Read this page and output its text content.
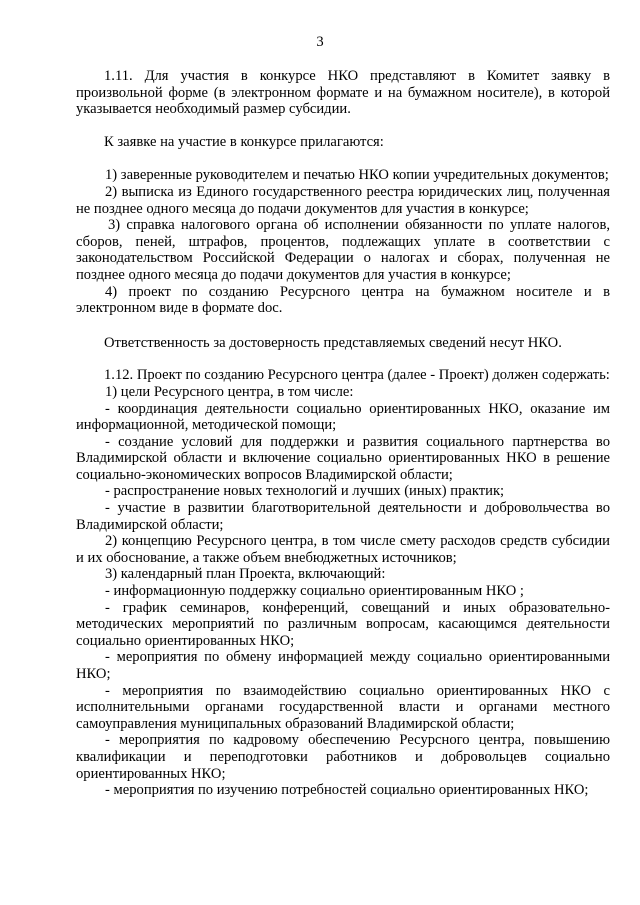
3

1.11. Для участия в конкурсе НКО представляют в Комитет заявку в произвольной форме (в электронном формате и на бумажном носителе), в которой указывается необходимый размер субсидии.

К заявке на участие в конкурсе прилагаются:

1) заверенные руководителем и печатью НКО копии учредительных документов;

2) выписка из Единого государственного реестра юридических лиц, полученная не позднее одного месяца до подачи документов для участия в конкурсе;

3) справка налогового органа об исполнении обязанности по уплате налогов, сборов, пеней, штрафов, процентов, подлежащих уплате в соответствии с законодательством Российской Федерации о налогах и сборах, полученная не позднее одного месяца до подачи документов для участия в конкурсе;

4) проект по созданию Ресурсного центра на бумажном носителе и в электронном виде в формате doc.

Ответственность за достоверность представляемых сведений несут НКО.

1.12. Проект по созданию Ресурсного центра (далее - Проект) должен содержать:

1) цели Ресурсного центра, в том числе:

- координация деятельности социально ориентированных НКО, оказание им информационной, методической помощи;

- создание условий для поддержки и развития социального партнерства во Владимирской области и включение социально ориентированных НКО в решение социально-экономических вопросов Владимирской области;

- распространение новых технологий и лучших (иных) практик;

- участие в развитии благотворительной деятельности и добровольчества во Владимирской области;

2) концепцию Ресурсного центра, в том числе смету расходов средств субсидии и их обоснование, а также объем внебюджетных источников;

3) календарный план Проекта, включающий:

- информационную поддержку социально ориентированным НКО ;

- график семинаров, конференций, совещаний и иных образовательно-методических мероприятий по различным вопросам, касающимся деятельности социально ориентированных НКО;

- мероприятия по обмену информацией между социально ориентированными НКО;

- мероприятия по взаимодействию социально ориентированных НКО с исполнительными органами государственной власти и органами местного самоуправления муниципальных образований Владимирской области;

- мероприятия по кадровому обеспечению Ресурсного центра, повышению квалификации и переподготовки работников и добровольцев социально ориентированных НКО;

- мероприятия по изучению потребностей социально ориентированных НКО;
